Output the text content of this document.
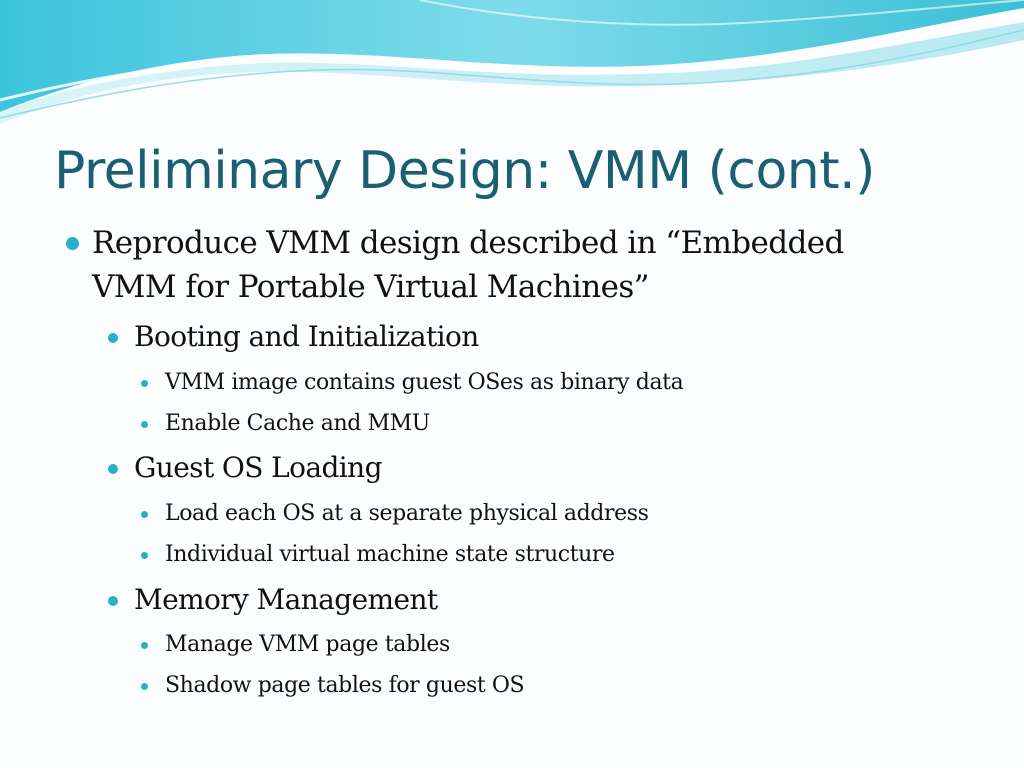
Preliminary Design: VMM (cont.)
Reproduce VMM design described in “Embedded VMM for Portable Virtual Machines”
Booting and Initialization
VMM image contains guest OSes as binary data
Enable Cache and MMU
Guest OS Loading
Load each OS at a separate physical address
Individual virtual machine state structure
Memory Management
Manage VMM page tables
Shadow page tables for guest OS
